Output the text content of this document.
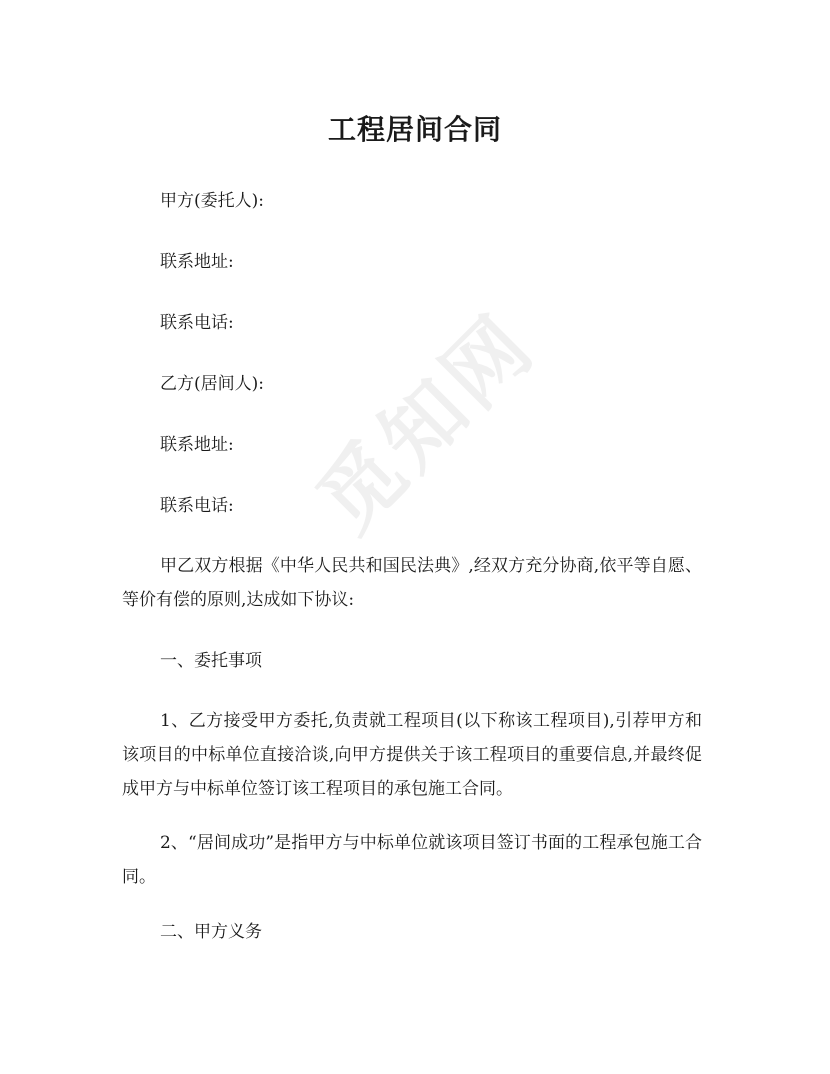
觅知网
工程居间合同
甲方(委托人):
联系地址:
联系电话:
乙方(居间人):
联系地址:
联系电话:
甲乙双方根据《中华人民共和国民法典》,经双方充分协商,依平等自愿、等价有偿的原则,达成如下协议:
一、委托事项
1、乙方接受甲方委托,负责就工程项目(以下称该工程项目),引荐甲方和该项目的中标单位直接洽谈,向甲方提供关于该工程项目的重要信息,并最终促成甲方与中标单位签订该工程项目的承包施工合同。
2、“居间成功”是指甲方与中标单位就该项目签订书面的工程承包施工合同。
二、甲方义务
